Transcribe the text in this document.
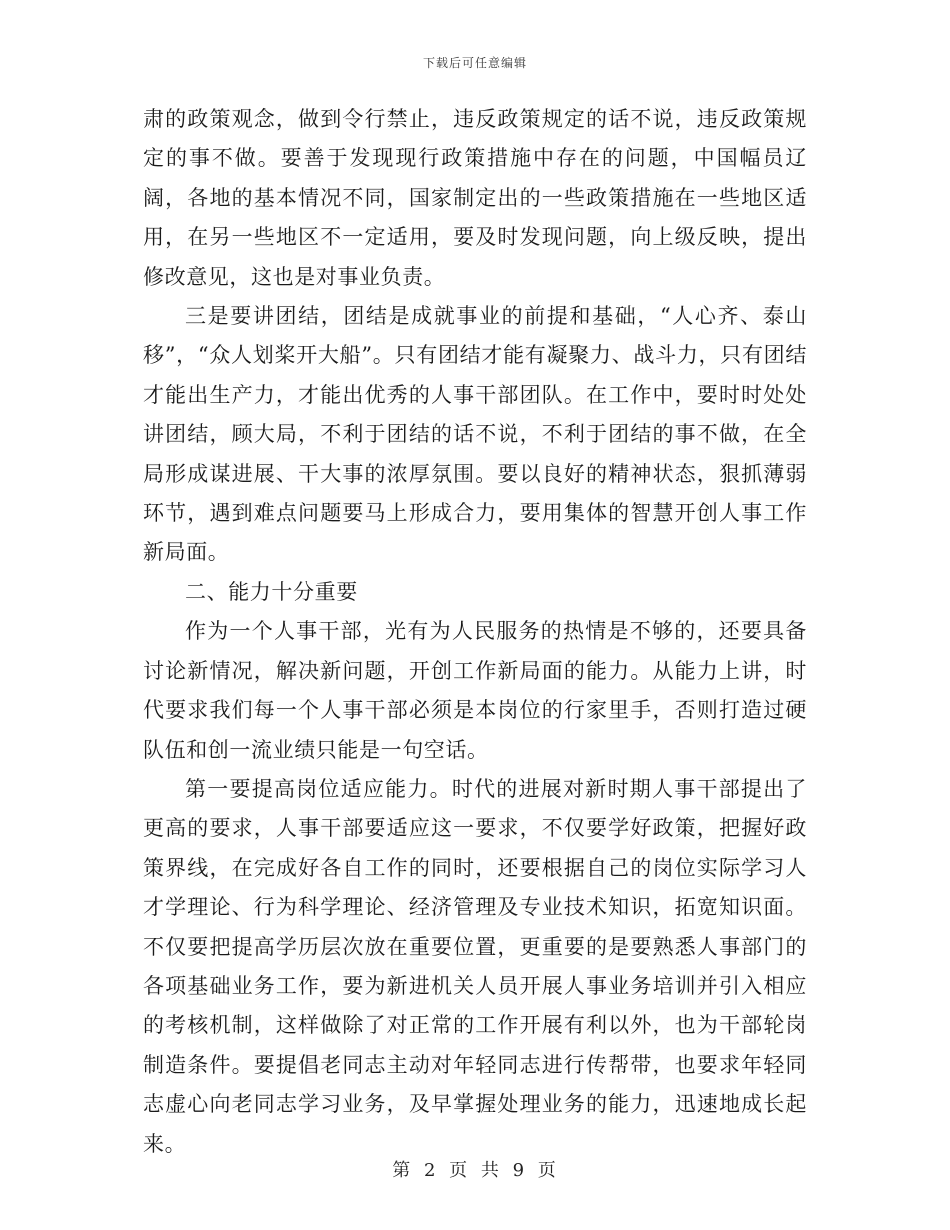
下载后可任意编辑

肃的政策观念，做到令行禁止，违反政策规定的话不说，违反政策规定的事不做。要善于发现现行政策措施中存在的问题，中国幅员辽阔，各地的基本情况不同，国家制定出的一些政策措施在一些地区适用，在另一些地区不一定适用，要及时发现问题，向上级反映，提出修改意见，这也是对事业负责。

三是要讲团结，团结是成就事业的前提和基础，“人心齐、泰山移”，“众人划桨开大船”。只有团结才能有凝聚力、战斗力，只有团结才能出生产力，才能出优秀的人事干部团队。在工作中，要时时处处讲团结，顾大局，不利于团结的话不说，不利于团结的事不做，在全局形成谋进展、干大事的浓厚氛围。要以良好的精神状态，狠抓薄弱环节，遇到难点问题要马上形成合力，要用集体的智慧开创人事工作新局面。

二、能力十分重要

作为一个人事干部，光有为人民服务的热情是不够的，还要具备讨论新情况，解决新问题，开创工作新局面的能力。从能力上讲，时代要求我们每一个人事干部必须是本岗位的行家里手，否则打造过硬队伍和创一流业绩只能是一句空话。

第一要提高岗位适应能力。时代的进展对新时期人事干部提出了更高的要求，人事干部要适应这一要求，不仅要学好政策，把握好政策界线，在完成好各自工作的同时，还要根据自己的岗位实际学习人才学理论、行为科学理论、经济管理及专业技术知识，拓宽知识面。不仅要把提高学历层次放在重要位置，更重要的是要熟悉人事部门的各项基础业务工作，要为新进机关人员开展人事业务培训并引入相应的考核机制，这样做除了对正常的工作开展有利以外，也为干部轮岗制造条件。要提倡老同志主动对年轻同志进行传帮带，也要求年轻同志虚心向老同志学习业务，及早掌握处理业务的能力，迅速地成长起来。

第 2 页 共 9 页
